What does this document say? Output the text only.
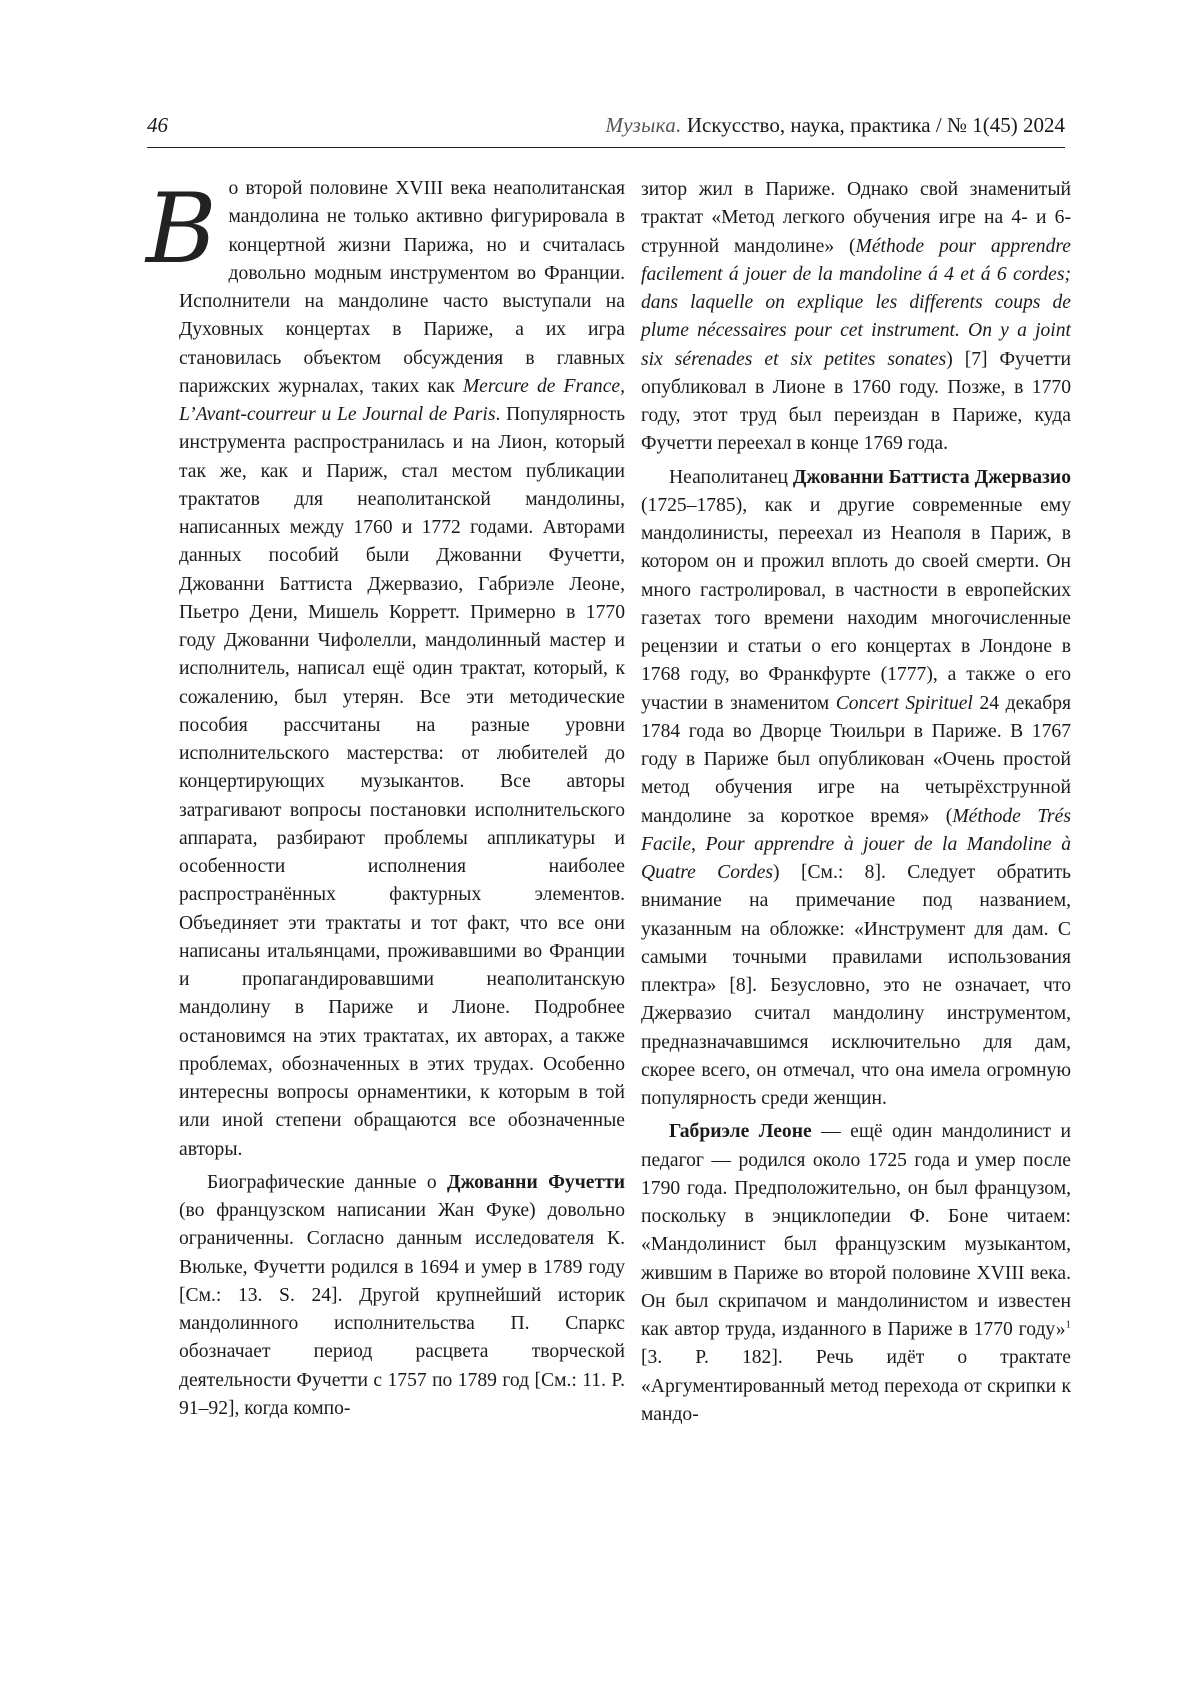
46	Музыка. Искусство, наука, практика / № 1(45) 2024

Во второй половине XVIII века неаполитанская мандолина не только активно фигурировала в концертной жизни Парижа, но и считалась довольно модным инструментом во Франции. Исполнители на мандолине часто выступали на Духовных концертах в Париже, а их игра становилась объектом обсуждения в главных парижских журналах, таких как Mercure de France, L’Avant-courreur и Le Journal de Paris. Популярность инструмента распространилась и на Лион, который так же, как и Париж, стал местом публикации трактатов для неаполитанской мандолины, написанных между 1760 и 1772 годами. Авторами данных пособий были Джованни Фучетти, Джованни Баттиста Джервазио, Габриэле Леоне, Пьетро Дени, Мишель Корретт. Примерно в 1770 году Джованни Чифолелли, мандолинный мастер и исполнитель, написал ещё один трактат, который, к сожалению, был утерян. Все эти методические пособия рассчитаны на разные уровни исполнительского мастерства: от любителей до концертирующих музыкантов. Все авторы затрагивают вопросы постановки исполнительского аппарата, разбирают проблемы аппликатуры и особенности исполнения наиболее распространённых фактурных элементов. Объединяет эти трактаты и тот факт, что все они написаны итальянцами, проживавшими во Франции и пропагандировавшими неаполитанскую мандолину в Париже и Лионе. Подробнее остановимся на этих трактатах, их авторах, а также проблемах, обозначенных в этих трудах. Особенно интересны вопросы орнаментики, к которым в той или иной степени обращаются все обозначенные авторы.

Биографические данные о Джованни Фучетти (во французском написании Жан Фуке) довольно ограниченны. Согласно данным исследователя К. Вюльке, Фучетти родился в 1694 и умер в 1789 году [См.: 13. S. 24]. Другой крупнейший историк мандолинного исполнительства П. Спаркс обозначает период расцвета творческой деятельности Фучетти с 1757 по 1789 год [См.: 11. P. 91–92], когда компо-

зитор жил в Париже. Однако свой знаменитый трактат «Метод легкого обучения игре на 4- и 6-струнной мандолине» (Méthode pour apprendre facilement á jouer de la mandoline á 4 et á 6 cordes; dans laquelle on explique les differents coups de plume nécessaires pour cet instrument. On y a joint six sérenades et six petites sonates) [7] Фучетти опубликовал в Лионе в 1760 году. Позже, в 1770 году, этот труд был переиздан в Париже, куда Фучетти переехал в конце 1769 года.

Неаполитанец Джованни Баттиста Джервазио (1725–1785), как и другие современные ему мандолинисты, переехал из Неаполя в Париж, в котором он и прожил вплоть до своей смерти. Он много гастролировал, в частности в европейских газетах того времени находим многочисленные рецензии и статьи о его концертах в Лондоне в 1768 году, во Франкфурте (1777), а также о его участии в знаменитом Concert Spirituel 24 декабря 1784 года во Дворце Тюильри в Париже. В 1767 году в Париже был опубликован «Очень простой метод обучения игре на четырёхструнной мандолине за короткое время» (Méthode Trés Facile, Pour apprendre à jouer de la Mandoline à Quatre Cordes) [См.: 8]. Следует обратить внимание на примечание под названием, указанным на обложке: «Инструмент для дам. С самыми точными правилами использования плектра» [8]. Безусловно, это не означает, что Джервазио считал мандолину инструментом, предназначавшимся исключительно для дам, скорее всего, он отмечал, что она имела огромную популярность среди женщин.

Габриэле Леоне — ещё один мандолинист и педагог — родился около 1725 года и умер после 1790 года. Предположительно, он был французом, поскольку в энциклопедии Ф. Боне читаем: «Мандолинист был французским музыкантом, жившим в Париже во второй половине XVIII века. Он был скрипачом и мандолинистом и известен как автор труда, изданного в Париже в 1770 году»$^1$ [3. P. 182]. Речь идёт о трактате «Аргументированный метод перехода от скрипки к мандо-
